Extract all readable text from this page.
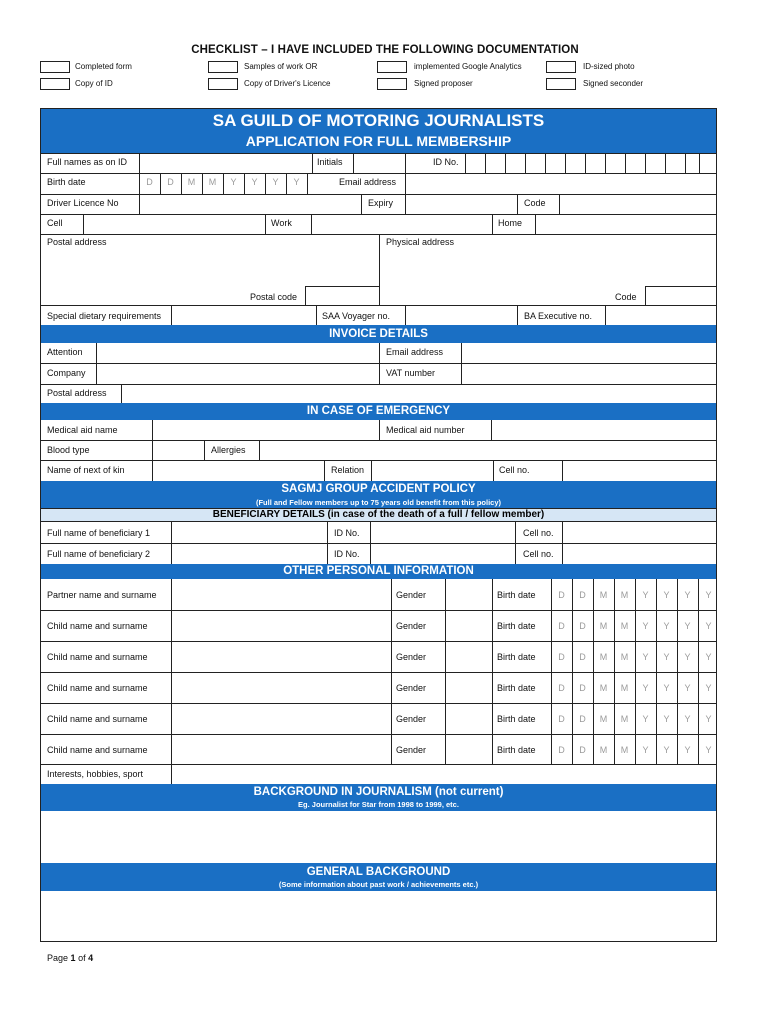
CHECKLIST – I HAVE INCLUDED THE FOLLOWING DOCUMENTATION
Completed form	Samples of work OR	implemented Google Analytics	ID-sized photo
Copy of ID	Copy of Driver's Licence	Signed proposer	Signed seconder
SA GUILD OF MOTORING JOURNALISTS
APPLICATION FOR FULL MEMBERSHIP
Full names as on ID	Initials	ID No.
Birth date	D	D	M	M	Y	Y	Y	Y	Email address
Driver Licence No	Expiry	Code
Cell	Work	Home
Postal address	Physical address
Postal code	Code
Special dietary requirements	SAA Voyager no.	BA Executive no.
INVOICE DETAILS
Attention	Email address
Company	VAT number
Postal address
IN CASE OF EMERGENCY
Medical aid name	Medical aid number
Blood type	Allergies
Name of next of kin	Relation	Cell no.
SAGMJ GROUP ACCIDENT POLICY
(Full and Fellow members up to 75 years old benefit from this policy)
BENEFICIARY DETAILS (in case of the death of a full / fellow member)
Full name of beneficiary 1	ID No.	Cell no.
Full name of beneficiary 2	ID No.	Cell no.
OTHER PERSONAL INFORMATION
Partner name and surname	Gender	Birth date	D	D	M	M	Y	Y	Y	Y
Child name and surname	Gender	Birth date	D	D	M	M	Y	Y	Y	Y
Child name and surname	Gender	Birth date	D	D	M	M	Y	Y	Y	Y
Child name and surname	Gender	Birth date	D	D	M	M	Y	Y	Y	Y
Child name and surname	Gender	Birth date	D	D	M	M	Y	Y	Y	Y
Child name and surname	Gender	Birth date	D	D	M	M	Y	Y	Y	Y
Interests, hobbies, sport
BACKGROUND IN JOURNALISM (not current)
Eg. Journalist for Star from 1998 to 1999, etc.
GENERAL BACKGROUND
(Some information about past work / achievements etc.)
Page 1 of 4
